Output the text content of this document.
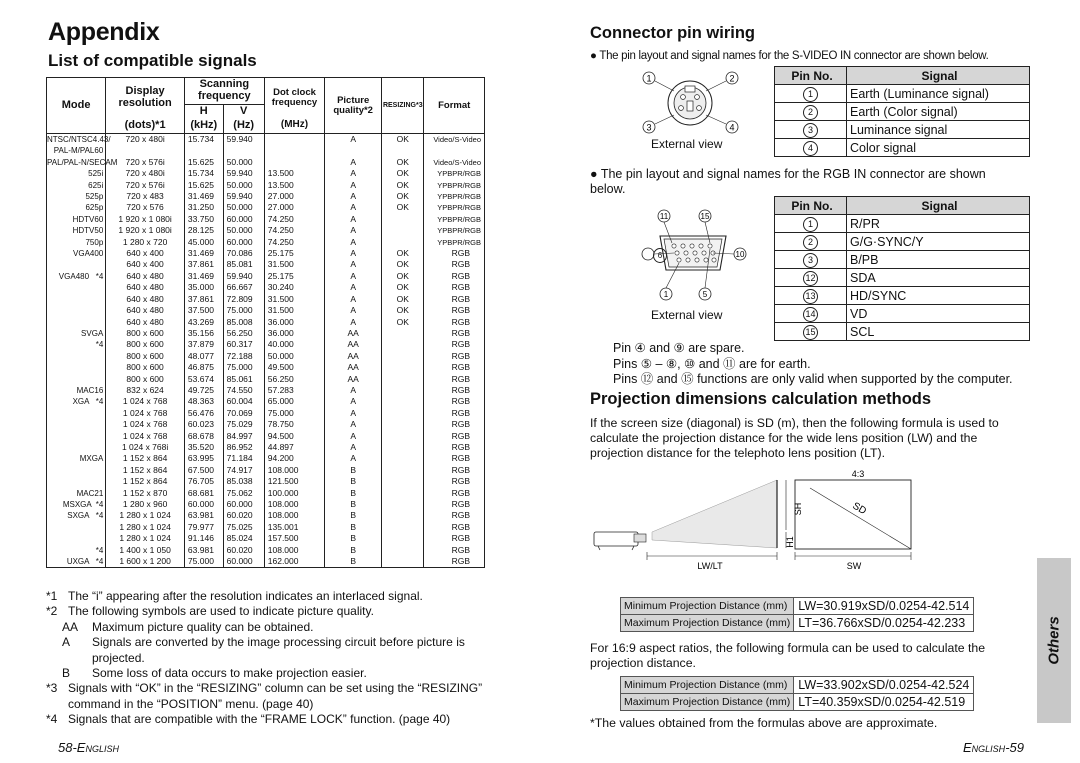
Appendix
List of compatible signals
Mode	Display resolution	Scanning frequency		Dot clock frequency	Picture quality*2	RESIZING*3	Format
		H	V				
	(dots)*1	(kHz)	(Hz)	(MHz)			
NTSC/NTSC4.43/	720 x 480i	15.734	59.940		A	OK	Video/S-Video
PAL-M/PAL60							
PAL/PAL-N/SECAM	720 x 576i	15.625	50.000		A	OK	Video/S-Video
525i	720 x 480i	15.734	59.940	13.500	A	OK	YPBPR/RGB
625i	720 x 576i	15.625	50.000	13.500	A	OK	YPBPR/RGB
525p	720 x 483	31.469	59.940	27.000	A	OK	YPBPR/RGB
625p	720 x 576	31.250	50.000	27.000	A	OK	YPBPR/RGB
HDTV60	1 920 x 1 080i	33.750	60.000	74.250	A		YPBPR/RGB
HDTV50	1 920 x 1 080i	28.125	50.000	74.250	A		YPBPR/RGB
750p	1 280 x 720	45.000	60.000	74.250	A		YPBPR/RGB
VGA400	640 x 400	31.469	70.086	25.175	A	OK	RGB
	640 x 400	37.861	85.081	31.500	A	OK	RGB
VGA480   *4	640 x 480	31.469	59.940	25.175	A	OK	RGB
	640 x 480	35.000	66.667	30.240	A	OK	RGB
	640 x 480	37.861	72.809	31.500	A	OK	RGB
	640 x 480	37.500	75.000	31.500	A	OK	RGB
	640 x 480	43.269	85.008	36.000	A	OK	RGB
SVGA	800 x 600	35.156	56.250	36.000	AA		RGB
*4	800 x 600	37.879	60.317	40.000	AA		RGB
	800 x 600	48.077	72.188	50.000	AA		RGB
	800 x 600	46.875	75.000	49.500	AA		RGB
	800 x 600	53.674	85.061	56.250	AA		RGB
MAC16	832 x 624	49.725	74.550	57.283	A		RGB
XGA   *4	1 024 x 768	48.363	60.004	65.000	A		RGB
	1 024 x 768	56.476	70.069	75.000	A		RGB
	1 024 x 768	60.023	75.029	78.750	A		RGB
	1 024 x 768	68.678	84.997	94.500	A		RGB
	1 024 x 768i	35.520	86.952	44.897	A		RGB
MXGA	1 152 x 864	63.995	71.184	94.200	A		RGB
	1 152 x 864	67.500	74.917	108.000	B		RGB
	1 152 x 864	76.705	85.038	121.500	B		RGB
MAC21	1 152 x 870	68.681	75.062	100.000	B		RGB
MSXGA  *4	1 280 x 960	60.000	60.000	108.000	B		RGB
SXGA   *4	1 280 x 1 024	63.981	60.020	108.000	B		RGB
	1 280 x 1 024	79.977	75.025	135.001	B		RGB
	1 280 x 1 024	91.146	85.024	157.500	B		RGB
*4	1 400 x 1 050	63.981	60.020	108.000	B		RGB
UXGA   *4	1 600 x 1 200	75.000	60.000	162.000	B		RGB
*1 The “i” appearing after the resolution indicates an interlaced signal.
*2 The following symbols are used to indicate picture quality.
AA	Maximum picture quality can be obtained.
A	Signals are converted by the image processing circuit before picture is projected.
B	Some loss of data occurs to make projection easier.
*3 Signals with “OK” in the “RESIZING” column can be set using the “RESIZING” command in the “POSITION” menu. (page 40)
*4 Signals that are compatible with the “FRAME LOCK” function. (page 40)
58-English
Connector pin wiring
● The pin layout and signal names for the S-VIDEO IN connector are shown below.
1	2
3	4
External view
Pin No.	Signal
1	Earth (Luminance signal)
2	Earth (Color signal)
3	Luminance signal
4	Color signal
● The pin layout and signal names for the RGB IN connector are shown below.
11	15
10
1	5
6
External view
Pin No.	Signal
1	R/PR
2	G/G·SYNC/Y
3	B/PB
12	SDA
13	HD/SYNC
14	VD
15	SCL
Pin ④ and ⑨ are spare.
Pins ⑤ – ⑧, ⑩ and ⑪ are for earth.
Pins ⑫ and ⑮ functions are only valid when supported by the computer.
Projection dimensions calculation methods
If the screen size (diagonal) is SD (m), then the following formula is used to calculate the projection distance for the wide lens position (LW) and the projection distance for the telephoto lens position (LT).
4:3
SD
SH
H1
LW/LT	SW
Minimum Projection Distance (mm)	LW=30.919xSD/0.0254-42.514
Maximum Projection Distance (mm)	LT=36.766xSD/0.0254-42.233
For 16:9 aspect ratios, the following formula can be used to calculate the projection distance.
Minimum Projection Distance (mm)	LW=33.902xSD/0.0254-42.524
Maximum Projection Distance (mm)	LT=40.359xSD/0.0254-42.519
*The values obtained from the formulas above are approximate.
Others
English-59
